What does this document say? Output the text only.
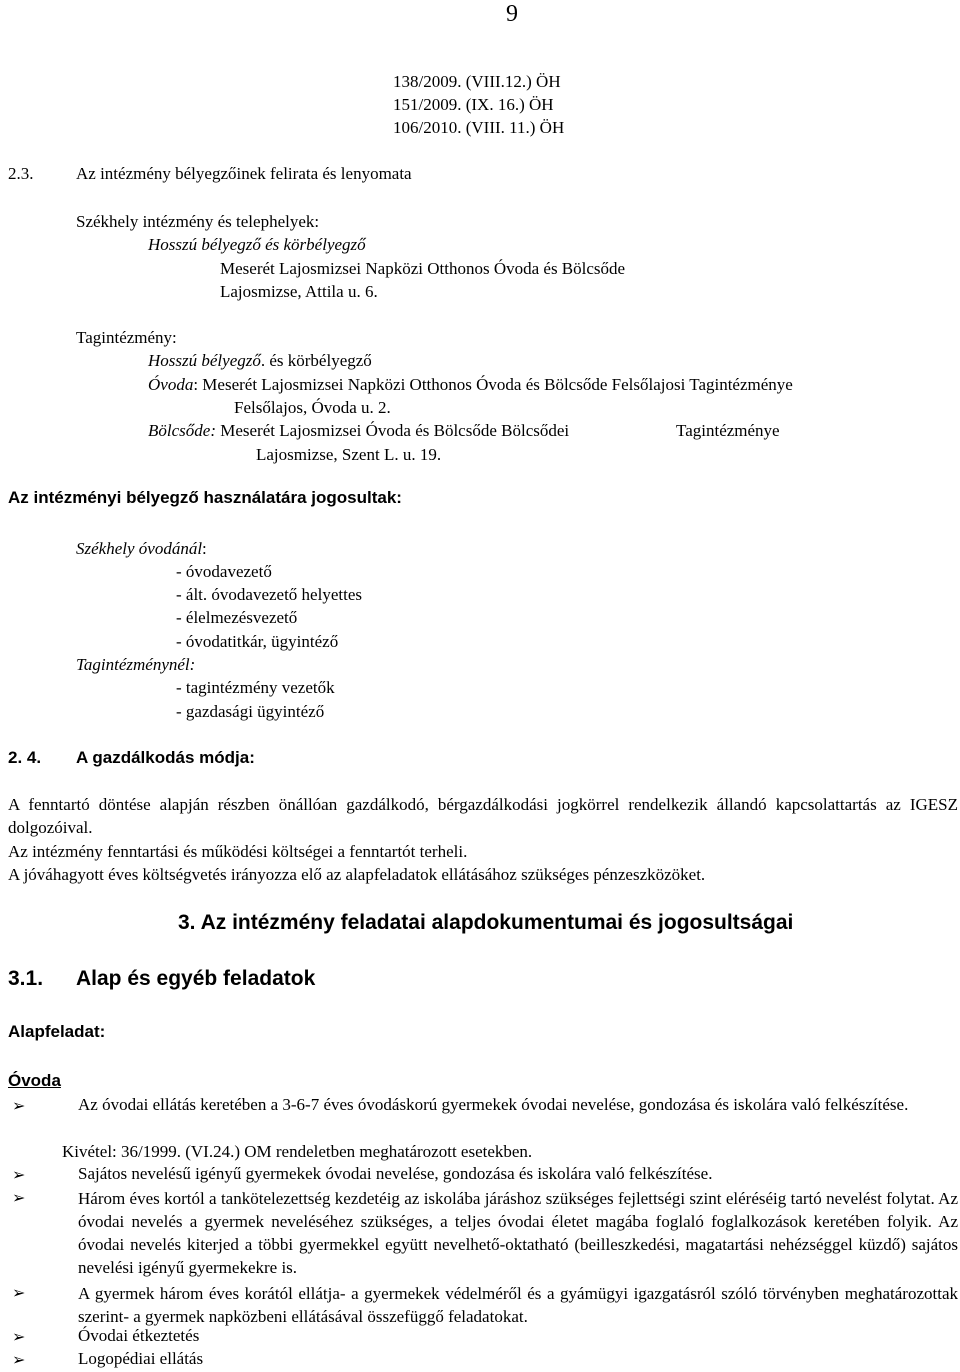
9
138/2009. (VIII.12.) ÖH
151/2009. (IX. 16.) ÖH
106/2010. (VIII. 11.) ÖH
2.3.	Az intézmény bélyegzőinek felirata és lenyomata
Székhely intézmény és telephelyek:
Hosszú bélyegző és körbélyegző
Meserét Lajosmizsei Napközi Otthonos Óvoda és Bölcsőde
Lajosmizse, Attila u. 6.
Tagintézmény:
Hosszú bélyegző. és körbélyegző
Óvoda: Meserét Lajosmizsei Napközi Otthonos Óvoda és Bölcsőde Felsőlajosi Tagintézménye
Felsőlajos, Óvoda u. 2.
Bölcsőde: Meserét Lajosmizsei Óvoda és Bölcsőde Bölcsődei	Tagintézménye
Lajosmizse, Szent L. u. 19.
Az intézményi bélyegző használatára jogosultak:
Székhely óvodánál:
- óvodavezető
- ált. óvodavezető helyettes
- élelmezésvezető
- óvodatitkár, ügyintéző
Tagintézménynél:
- tagintézmény vezetők
- gazdasági ügyintéző
2. 4. A gazdálkodás módja:
A fenntartó döntése alapján részben önállóan gazdálkodó, bérgazdálkodási jogkörrel rendelkezik állandó kapcsolattartás az IGESZ dolgozóival.
Az intézmény fenntartási és működési költségei a fenntartót terheli.
A jóváhagyott éves költségvetés irányozza elő az alapfeladatok ellátásához szükséges pénzeszközöket.
3. Az intézmény feladatai alapdokumentumai és jogosultságai
3.1. Alap és egyéb feladatok
Alapfeladat:
Óvoda
➢	Az óvodai ellátás keretében a 3-6-7 éves óvodáskorú gyermekek óvodai nevelése, gondozása és iskolára való felkészítése.
Kivétel: 36/1999. (VI.24.) OM rendeletben meghatározott esetekben.
➢	Sajátos nevelésű igényű gyermekek óvodai nevelése, gondozása és iskolára való felkészítése.
➢	Három éves kortól a tankötelezettség kezdetéig az iskolába járáshoz szükséges fejlettségi szint eléréséig tartó nevelést folytat. Az óvodai nevelés a gyermek neveléséhez szükséges, a teljes óvodai életet magába foglaló foglalkozások keretében folyik. Az óvodai nevelés kiterjed a többi gyermekkel együtt nevelhető-oktatható (beilleszkedési, magatartási nehézséggel küzdő) sajátos nevelési igényű gyermekekre is.
➢	A gyermek három éves korától ellátja- a gyermekek védelméről és a gyámügyi igazgatásról szóló törvényben meghatározottak szerint- a gyermek napközbeni ellátásával összefüggő feladatokat.
➢	Óvodai étkeztetés
➢	Logopédiai ellátás
